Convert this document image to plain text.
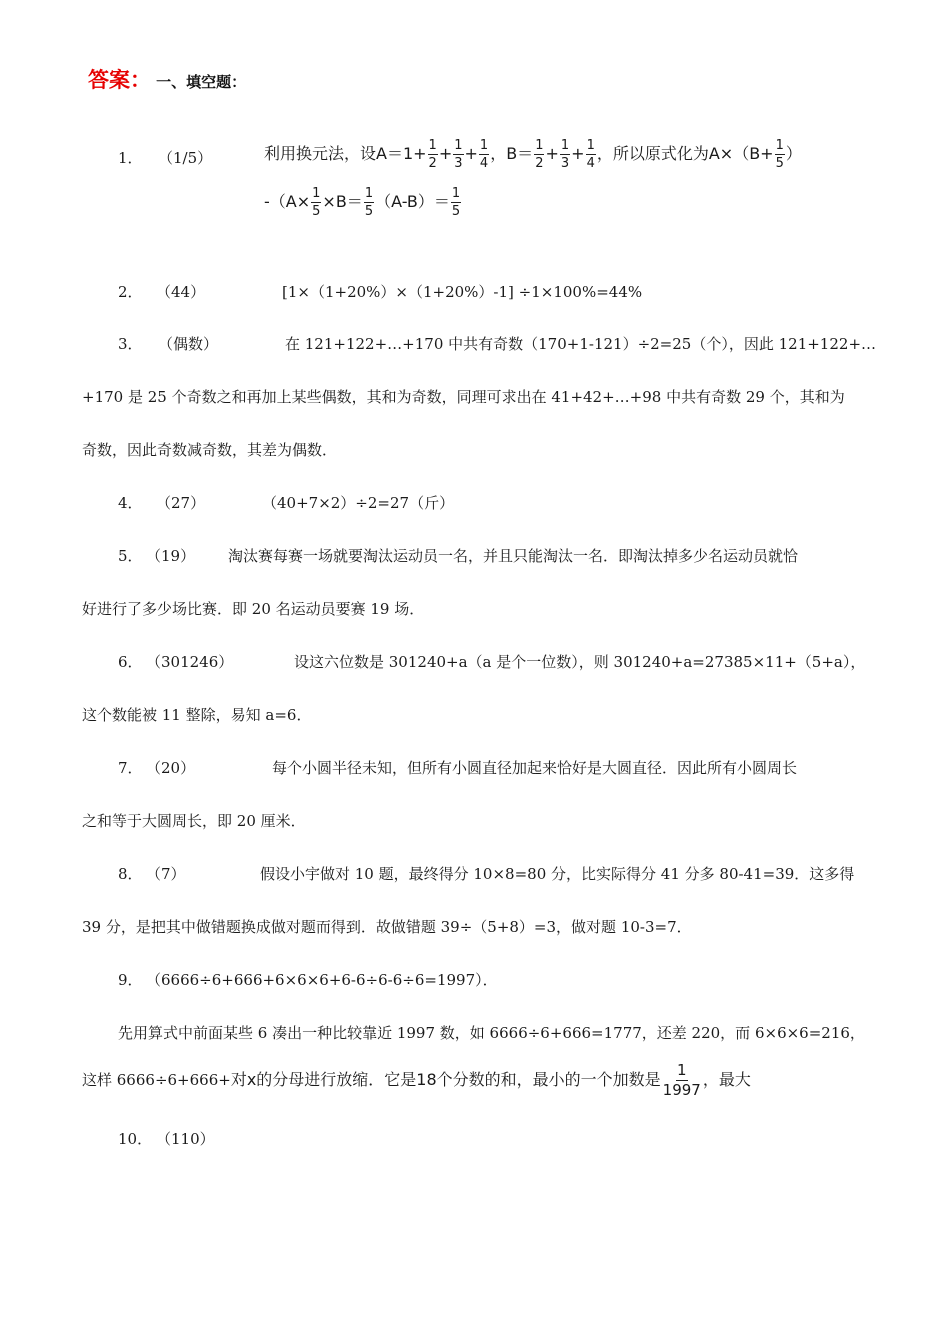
答案： 一、填空题：
1． （1/5）	利用换元法，设$A=1+ \frac{1}{2} + \frac{1}{3} + \frac{1}{4}$ ，$B= \frac{1}{2} + \frac{1}{3} + \frac{1}{4}$ ，所以原式化为$A\times(B+ \frac{1}{5}$ ）
$-(A\times \frac{1}{5} \times B= \frac{1}{5} (A-B)= \frac{1}{5}$
2． （44）	[1×（1+20%）×（1+20%）-1] ÷1×100%=44%
3． （偶数）	在 121+122+…+170 中共有奇数（170+1-121）÷2=25（个），因此 121+122+…
+170 是 25 个奇数之和再加上某些偶数，其和为奇数，同理可求出在 41+42+…+98 中共有奇数 29 个，其和为
奇数，因此奇数减奇数，其差为偶数．
4． （27）	（40+7×2）÷2=27（斤）
5． （19） 淘汰赛每赛一场就要淘汰运动员一名，并且只能淘汰一名．即淘汰掉多少名运动员就恰
好进行了多少场比赛．即 20 名运动员要赛 19 场．
6． （301246）	设这六位数是 301240+a（a 是个一位数），则 301240+a=27385×11+（5+a），
这个数能被 11 整除，易知 a=6．
7． （20）	每个小圆半径未知，但所有小圆直径加起来恰好是大圆直径．因此所有小圆周长
之和等于大圆周长，即 20 厘米．
8． （7）	假设小宇做对 10 题，最终得分 10×8=80 分，比实际得分 41 分多 80-41=39．这多得
39 分，是把其中做错题换成做对题而得到．故做错题 39÷（5+8）=3，做对题 10-3=7．
9． （6666÷6+666+6×6×6+6-6÷6-6÷6=1997）．
先用算式中前面某些 6 凑出一种比较靠近 1997 数，如 6666÷6+666=1777，还差 220，而 6×6×6=216，
这样 6666÷6+666+对x的分母进行放缩．它是18个分数的和，最小的一个加数是 $\frac{1}{1997}$ ，最大
10． （110）
